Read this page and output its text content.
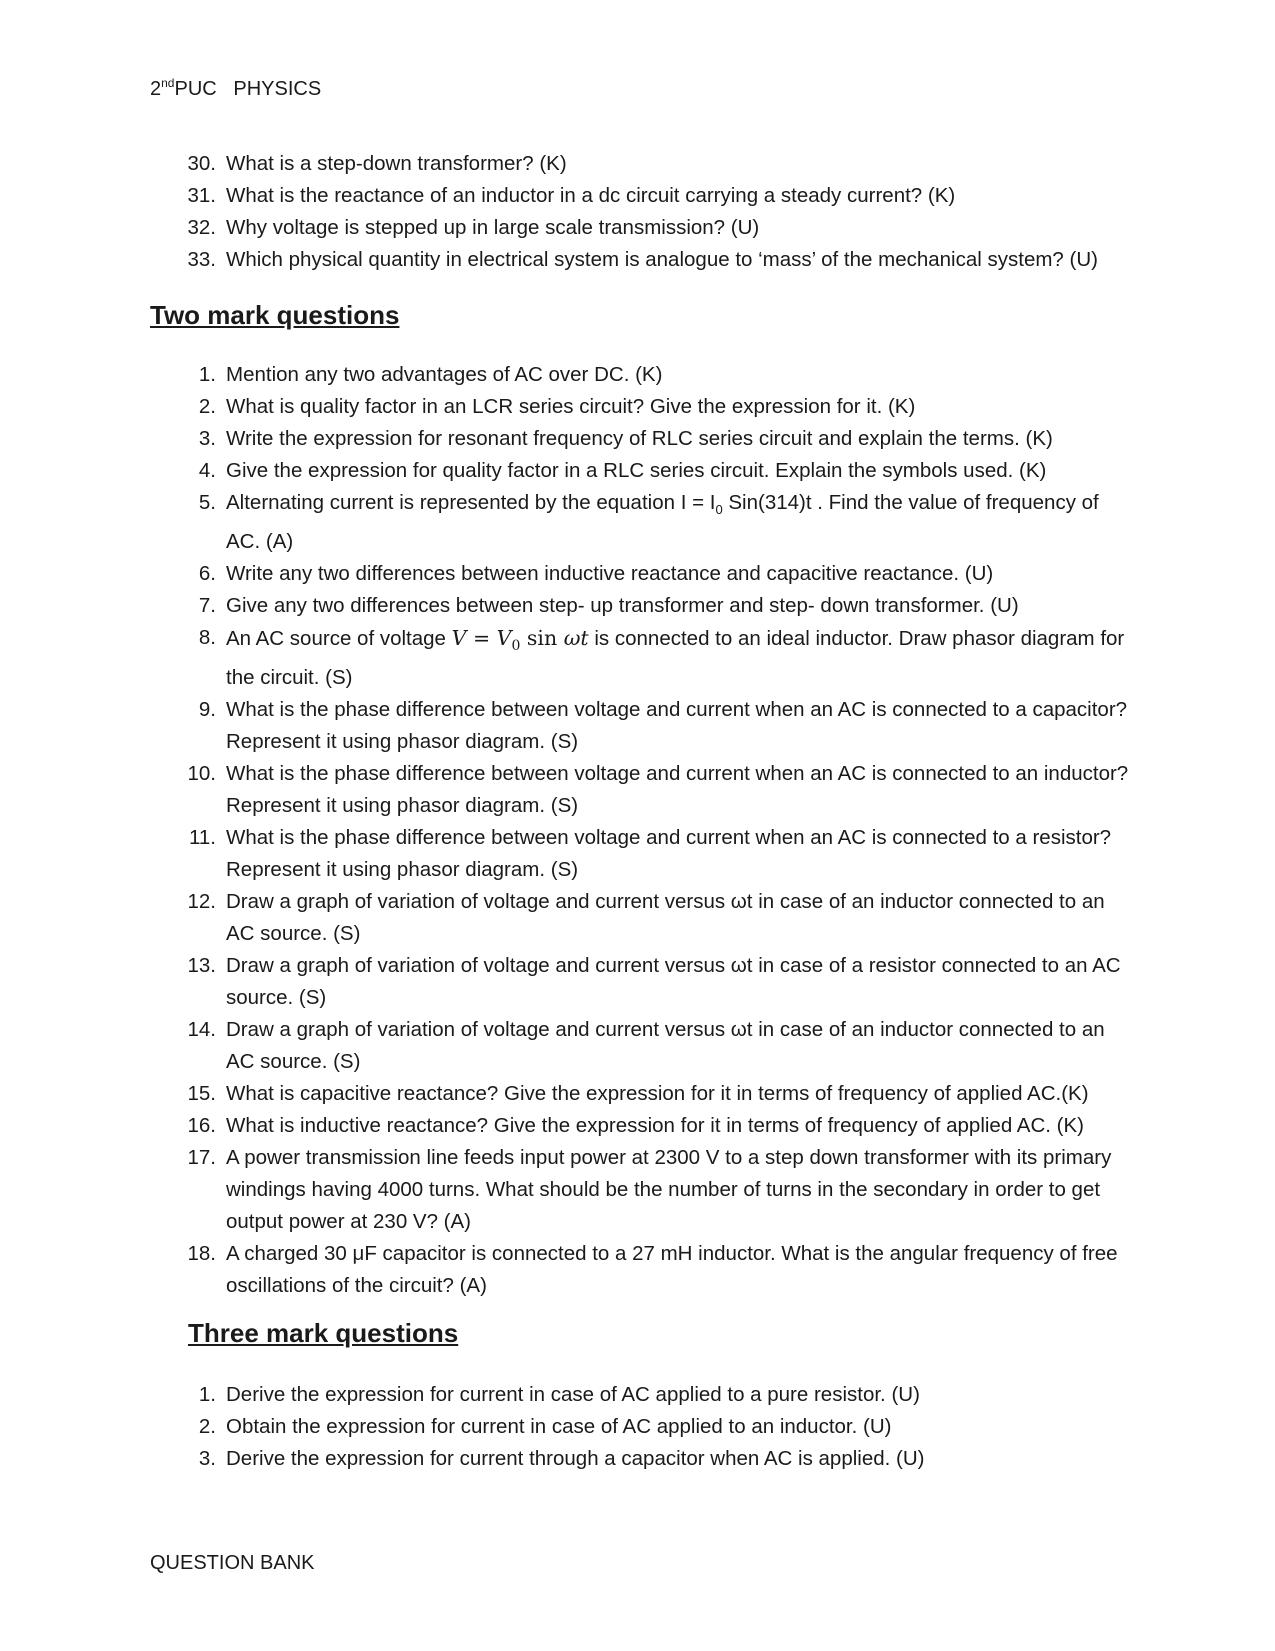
2ndPUC   PHYSICS
30. What is a step-down transformer? (K)
31. What is the reactance of an inductor in a dc circuit carrying a steady current? (K)
32. Why voltage is stepped up in large scale transmission? (U)
33. Which physical quantity in electrical system is analogue to ‘mass’ of the mechanical system? (U)
Two mark questions
1. Mention any two advantages of AC over DC. (K)
2. What is quality factor in an LCR series circuit? Give the expression for it. (K)
3. Write the expression for resonant frequency of RLC series circuit and explain the terms. (K)
4. Give the expression for quality factor in a RLC series circuit. Explain the symbols used. (K)
5. Alternating current is represented by the equation $I = I_0$ Sin(314)t . Find the value of frequency of AC. (A)
6. Write any two differences between inductive reactance and capacitive reactance. (U)
7. Give any two differences between step- up transformer and step- down transformer. (U)
8. An AC source of voltage $V = V_0$ sin ωt is connected to an ideal inductor. Draw phasor diagram for the circuit. (S)
9. What is the phase difference between voltage and current when an AC is connected to a capacitor? Represent it using phasor diagram. (S)
10. What is the phase difference between voltage and current when an AC is connected to an inductor? Represent it using phasor diagram. (S)
11. What is the phase difference between voltage and current when an AC is connected to a resistor? Represent it using phasor diagram. (S)
12. Draw a graph of variation of voltage and current versus ωt in case of an inductor connected to an AC source. (S)
13. Draw a graph of variation of voltage and current versus ωt in case of a resistor connected to an AC source. (S)
14. Draw a graph of variation of voltage and current versus ωt in case of an inductor connected to an AC source. (S)
15. What is capacitive reactance? Give the expression for it in terms of frequency of applied AC.(K)
16. What is inductive reactance? Give the expression for it in terms of frequency of applied AC. (K)
17. A power transmission line feeds input power at 2300 V to a step down transformer with its primary windings having 4000 turns. What should be the number of turns in the secondary in order to get output power at 230 V? (A)
18. A charged 30 μF capacitor is connected to a 27 mH inductor. What is the angular frequency of free oscillations of the circuit? (A)
Three mark questions
1. Derive the expression for current in case of AC applied to a pure resistor. (U)
2. Obtain the expression for current in case of AC applied to an inductor. (U)
3. Derive the expression for current through a capacitor when AC is applied. (U)
QUESTION BANK
